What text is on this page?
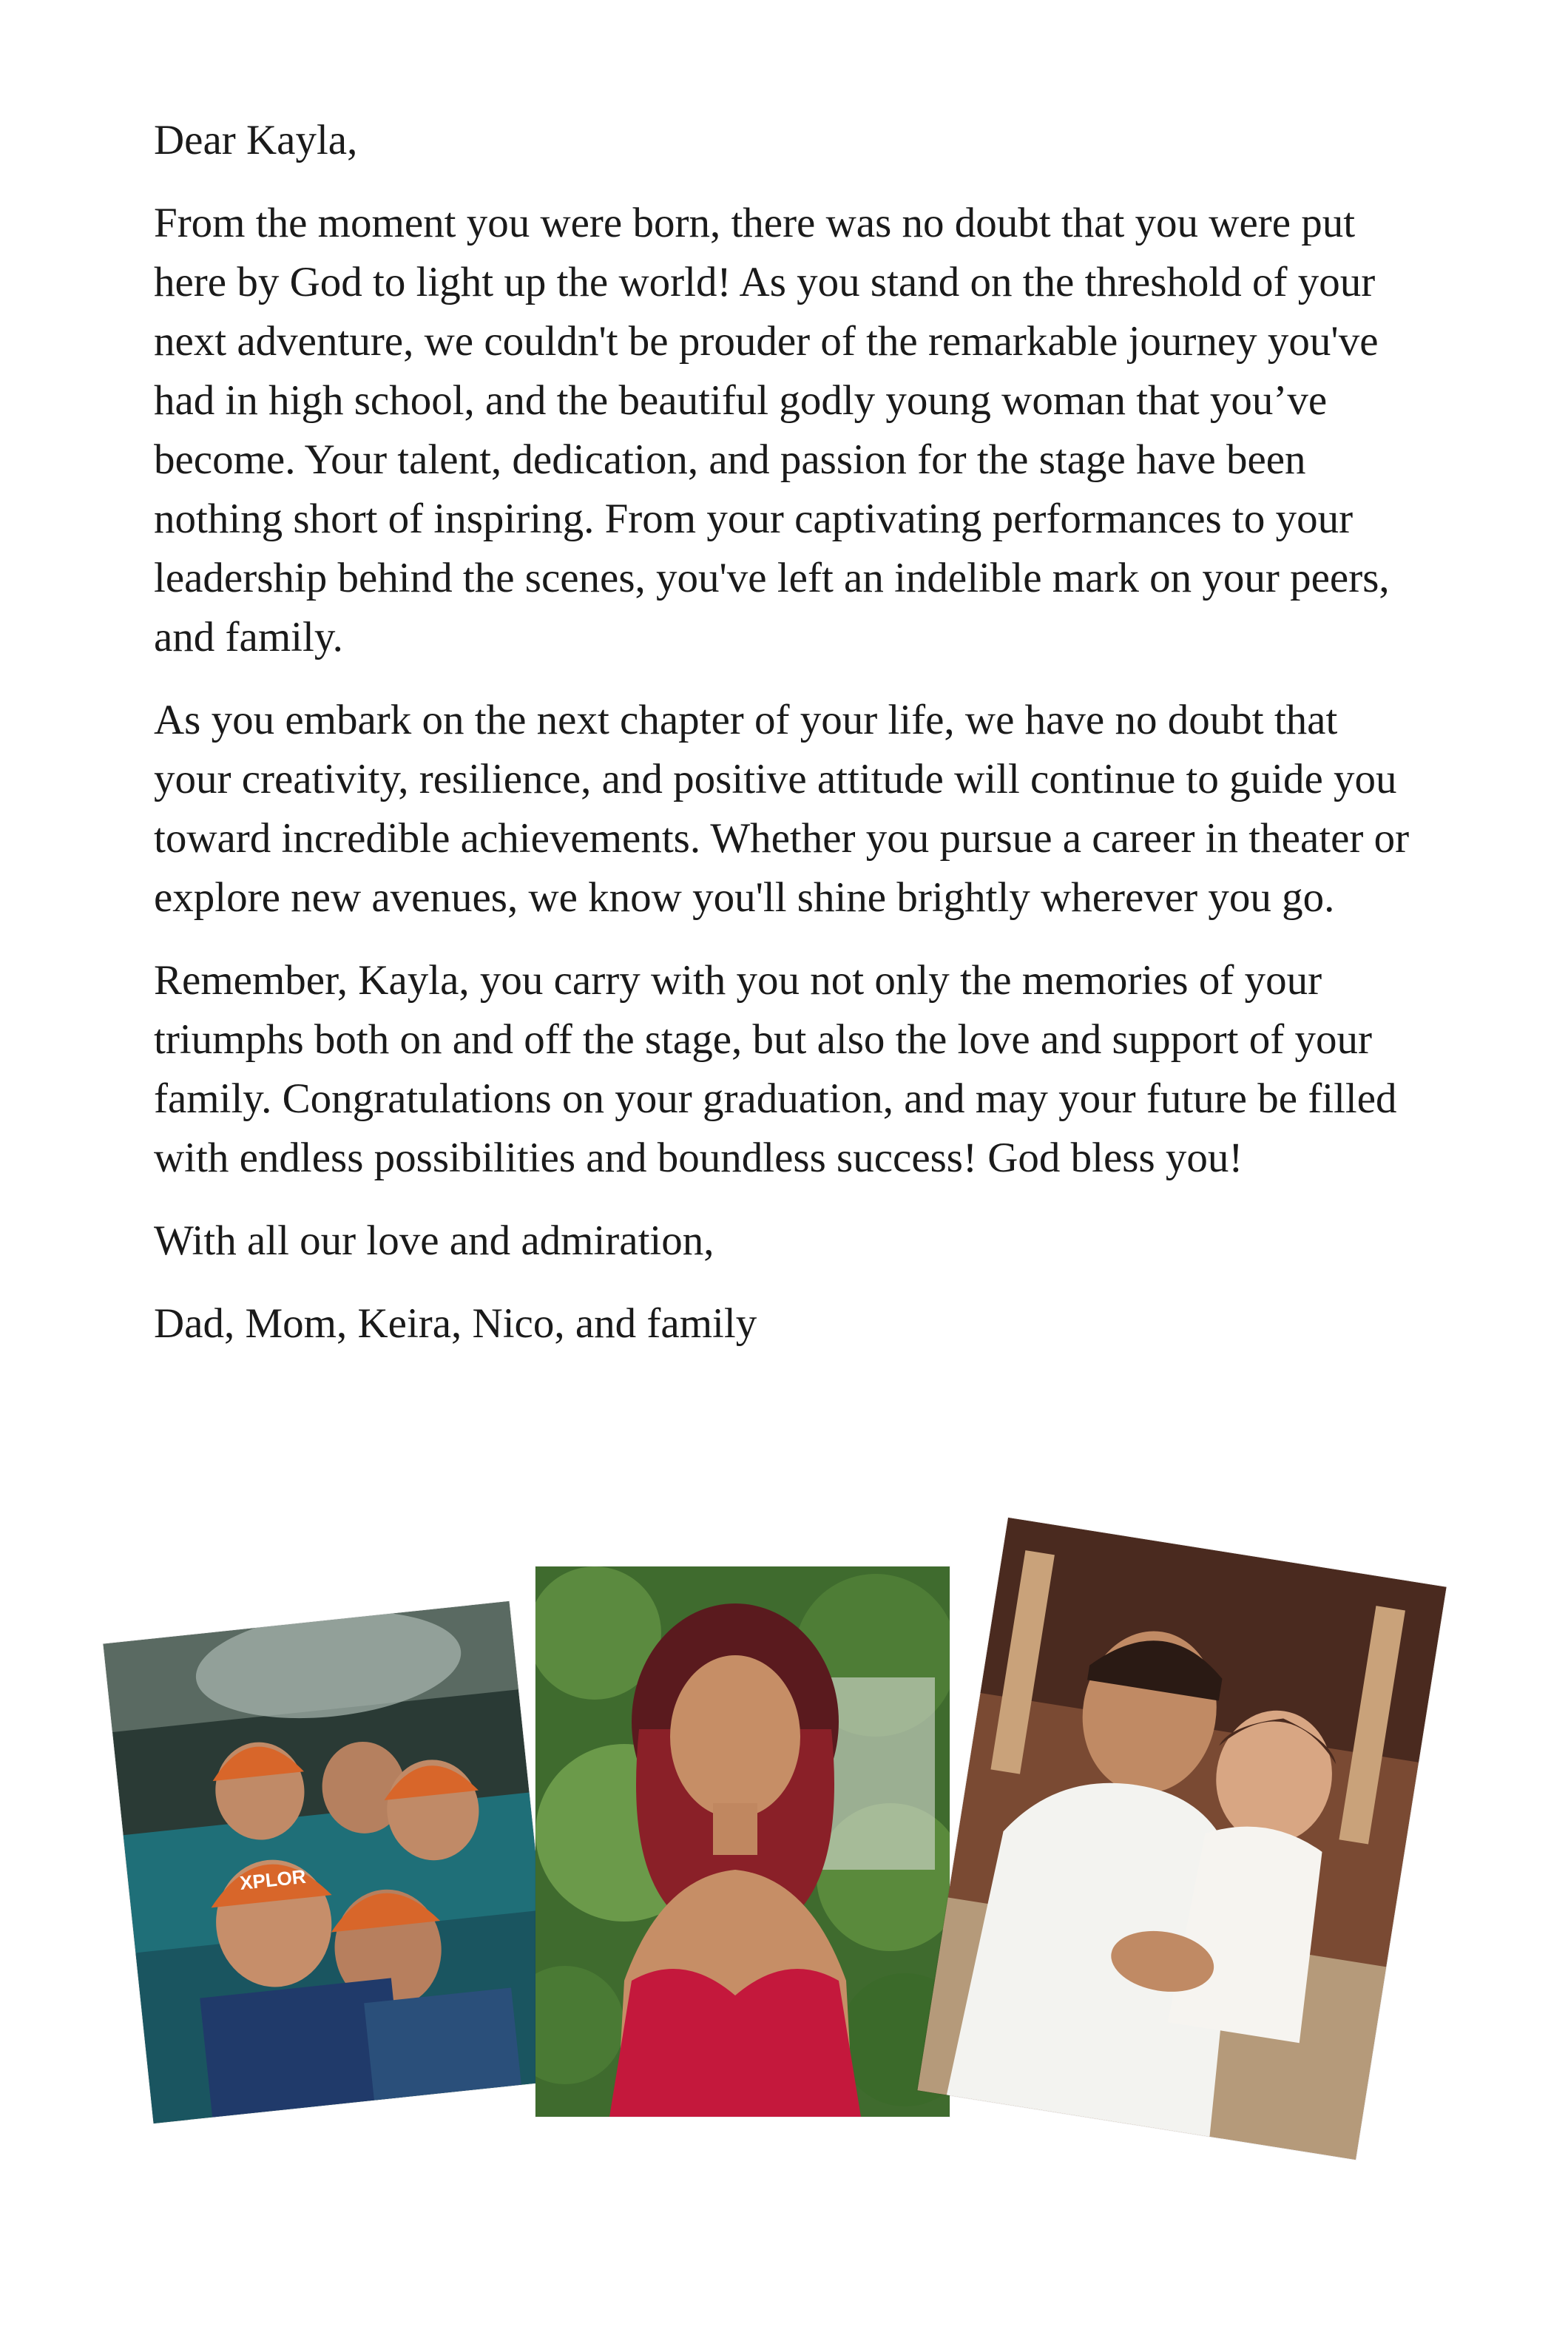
Dear Kayla,

From the moment you were born, there was no doubt that you were put here by God to light up the world! As you stand on the threshold of your next adventure, we couldn't be prouder of the remarkable journey you've had in high school, and the beautiful godly young woman that you’ve become. Your talent, dedication, and passion for the stage have been nothing short of inspiring. From your captivating performances to your leadership behind the scenes, you've left an indelible mark on your peers, and family.

As you embark on the next chapter of your life, we have no doubt that your creativity, resilience, and positive attitude will continue to guide you toward incredible achievements. Whether you pursue a career in theater or explore new avenues, we know you'll shine brightly wherever you go.

Remember, Kayla, you carry with you not only the memories of your triumphs both on and off the stage, but also the love and support of your family. Congratulations on your graduation, and may your future be filled with endless possibilities and boundless success! God bless you!

With all our love and admiration,

Dad, Mom, Keira, Nico, and family

XPLOR
